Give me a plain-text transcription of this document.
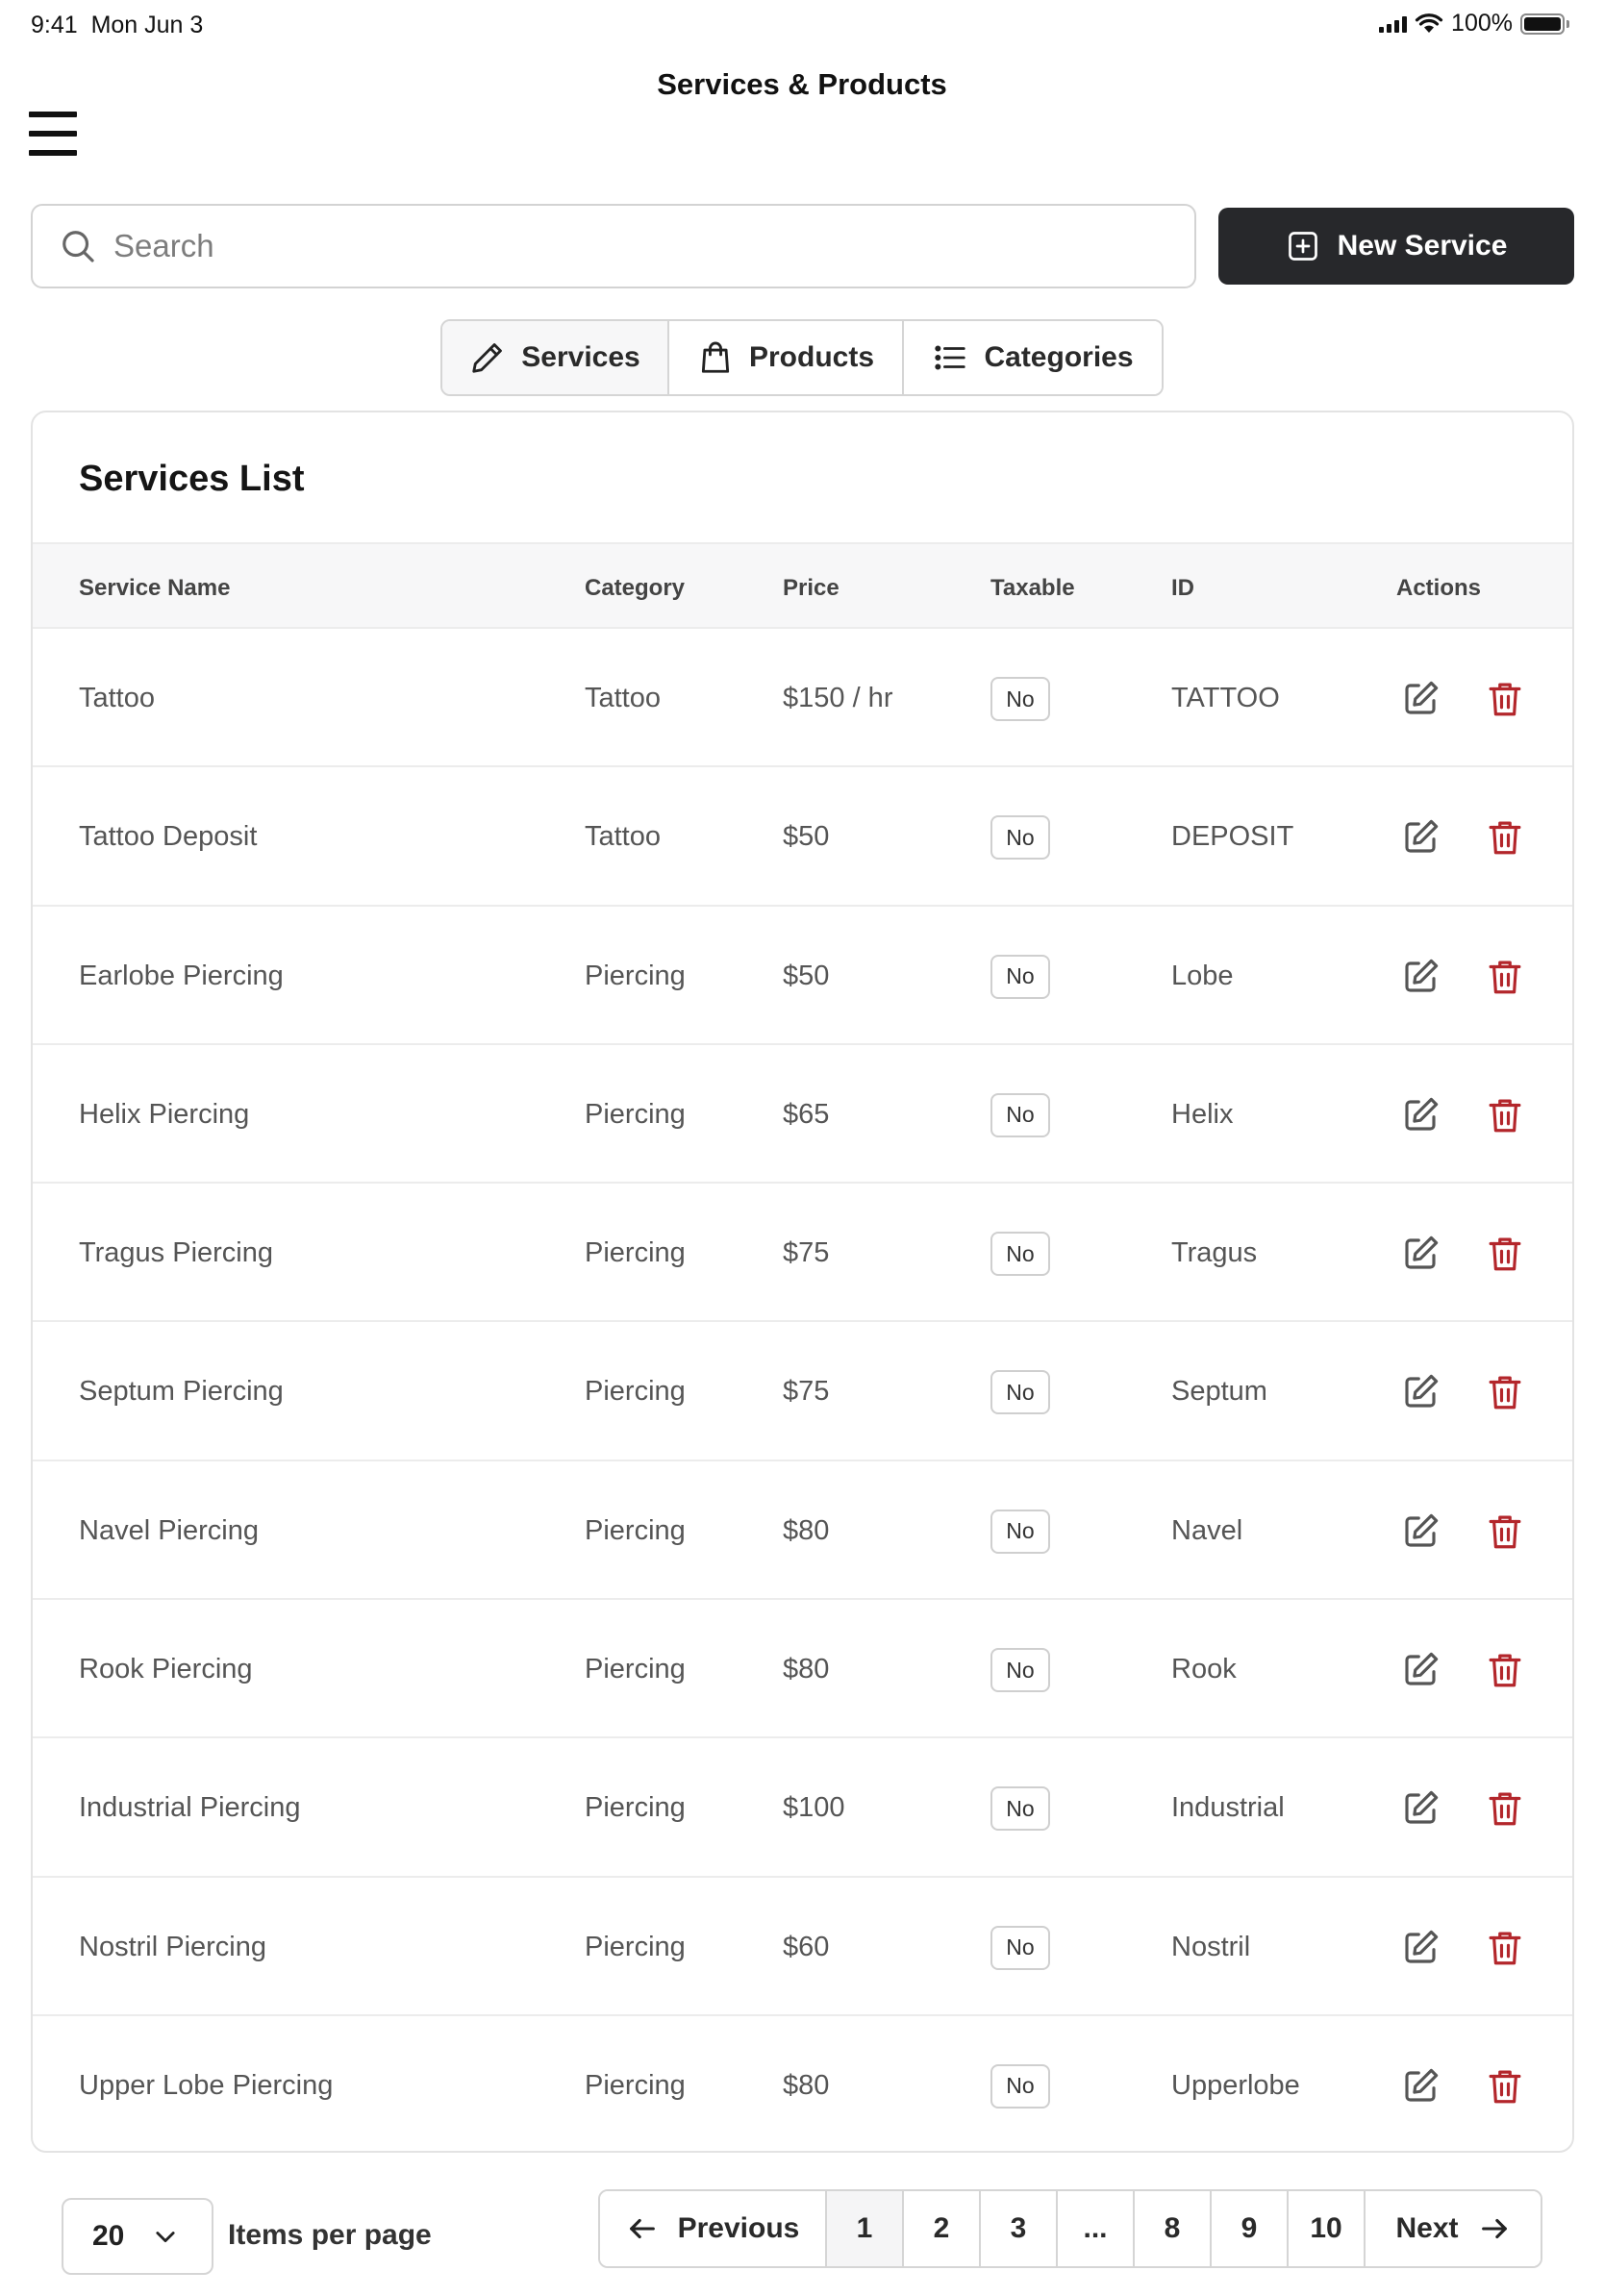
9:41 Mon Jun 3	100%
Services & Products
Search
New Service
Services	Products	Categories
Services List
Service Name	Category	Price	Taxable	ID	Actions
Tattoo	Tattoo	$150 / hr	No	TATTOO
Tattoo Deposit	Tattoo	$50	No	DEPOSIT
Earlobe Piercing	Piercing	$50	No	Lobe
Helix Piercing	Piercing	$65	No	Helix
Tragus Piercing	Piercing	$75	No	Tragus
Septum Piercing	Piercing	$75	No	Septum
Navel Piercing	Piercing	$80	No	Navel
Rook Piercing	Piercing	$80	No	Rook
Industrial Piercing	Piercing	$100	No	Industrial
Nostril Piercing	Piercing	$60	No	Nostril
Upper Lobe Piercing	Piercing	$80	No	Upperlobe
20	Items per page	Previous	1	2	3	...	8	9	10	Next
